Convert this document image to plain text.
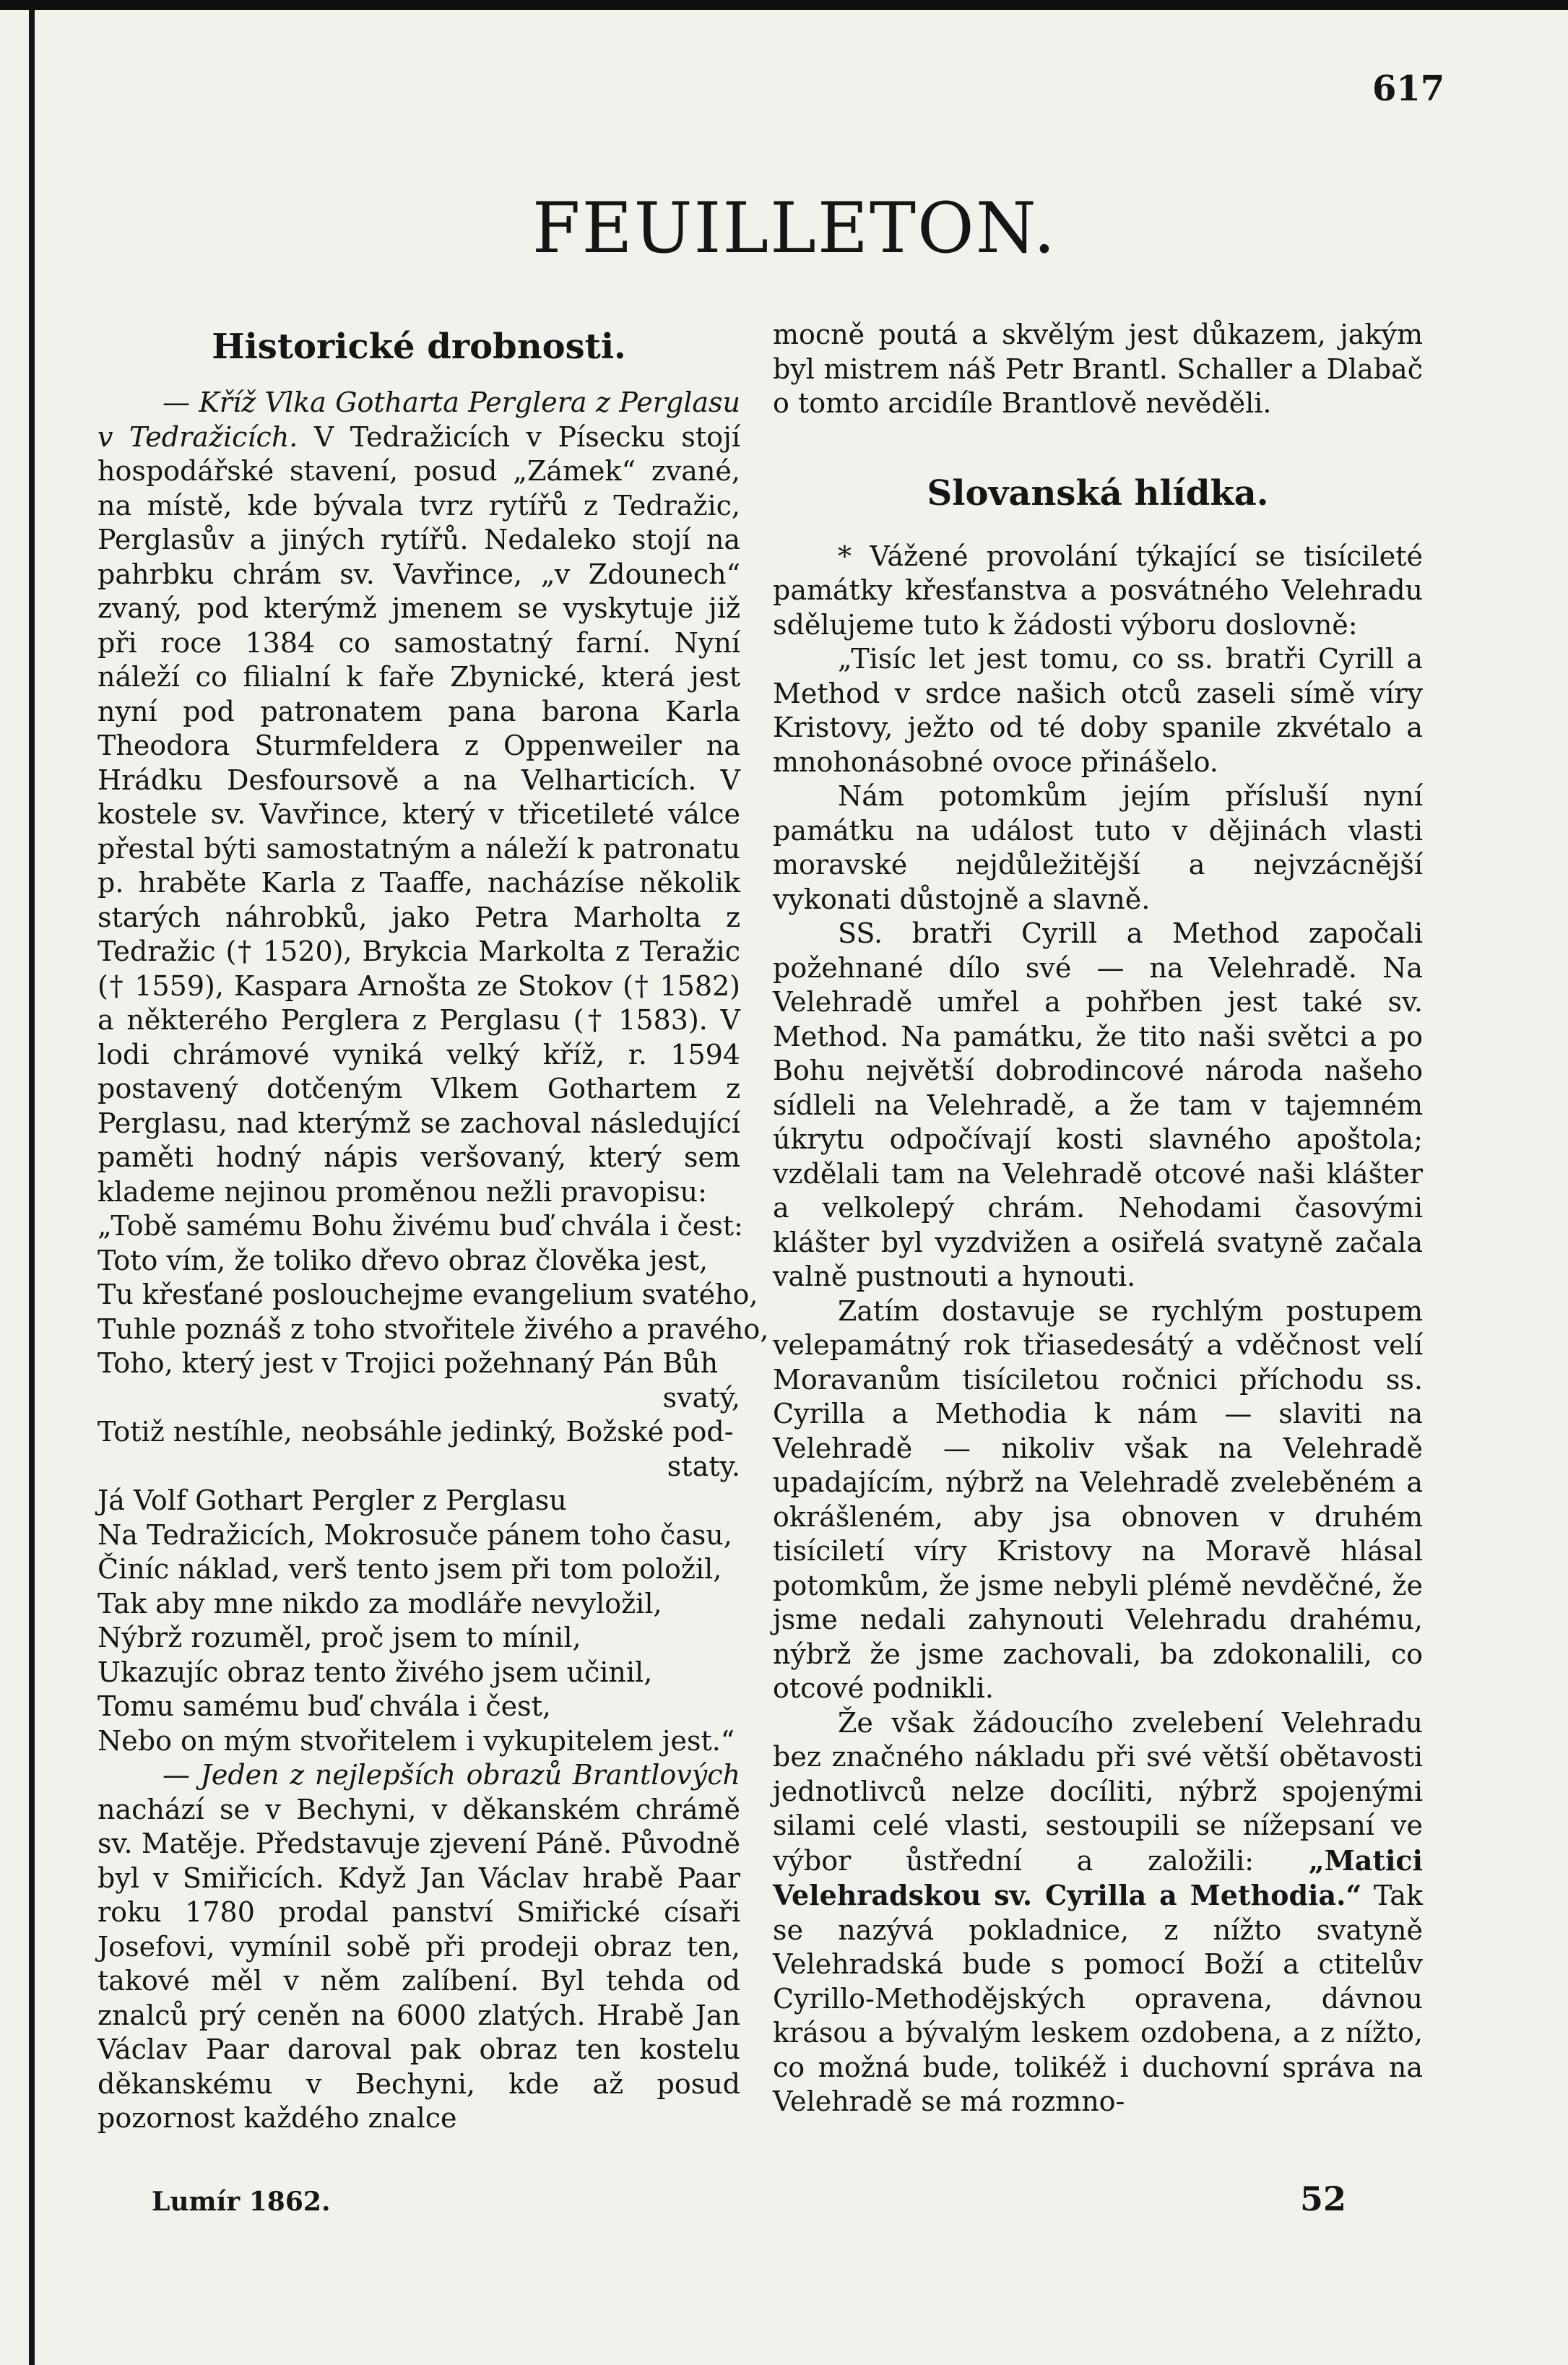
617
FEUILLETON.
Historické drobnosti.

— Kříž Vlka Gotharta Perglera z Perglasu v Tedražicích. V Tedražicích v Písecku stojí hospodářské stavení, posud „Zámek“ zvané, na místě, kde bývala tvrz rytířů z Tedražic, Perglasův a jiných rytířů. Nedaleko stojí na pahrbku chrám sv. Vavřince, „v Zdounech“ zvaný, pod kterýmž jmenem se vyskytuje již při roce 1384 co samostatný farní. Nyní náleží co filialní k faře Zbynické, která jest nyní pod patronatem pana barona Karla Theodora Sturmfeldera z Oppenweiler na Hrádku Desfoursově a na Velharticích. V kostele sv. Vavřince, který v třicetileté válce přestal býti samostatným a náleží k patronatu p. hraběte Karla z Taaffe, nacházíse několik starých náhrobků, jako Petra Marholta z Tedražic († 1520), Brykcia Markolta z Teražic († 1559), Kaspara Arnošta ze Stokov († 1582) a některého Perglera z Perglasu († 1583). V lodi chrámové vyniká velký kříž, r. 1594 postavený dotčeným Vlkem Gothartem z Perglasu, nad kterýmž se zachoval následující paměti hodný nápis veršovaný, který sem klademe nejinou proměnou nežli pravopisu:

„Tobě samému Bohu živému buď chvála i čest:
Toto vím, že toliko dřevo obraz člověka jest,
Tu křesťané poslouchejme evangelium svatého,
Tuhle poznáš z toho stvořitele živého a pravého,
Toho, který jest v Trojici požehnaný Pán Bůh
svatý,
Totiž nestíhle, neobsáhle jedinký, Božské pod-
staty.
Já Volf Gothart Pergler z Perglasu
Na Tedražicích, Mokrosuče pánem toho času,
Činíc náklad, verš tento jsem při tom položil,
Tak aby mne nikdo za modláře nevyložil,
Nýbrž rozuměl, proč jsem to mínil,
Ukazujíc obraz tento živého jsem učinil,
Tomu samému buď chvála i čest,
Nebo on mým stvořitelem i vykupitelem jest.“

— Jeden z nejlepších obrazů Brantlových nachází se v Bechyni, v děkanském chrámě sv. Matěje. Představuje zjevení Páně. Původně byl v Smiřicích. Když Jan Václav hrabě Paar roku 1780 prodal panství Smiřické císaři Josefovi, vymínil sobě při prodeji obraz ten, takové měl v něm zalíbení. Byl tehda od znalců prý ceněn na 6000 zlatých. Hrabě Jan Václav Paar daroval pak obraz ten kostelu děkanskému v Bechyni, kde až posud pozornost každého znalce

mocně poutá a skvělým jest důkazem, jakým byl mistrem náš Petr Brantl. Schaller a Dlabač o tomto arcidíle Brantlově nevěděli.

Slovanská hlídka.

* Vážené provolání týkající se tisícileté památky křesťanstva a posvátného Velehradu sdělujeme tuto k žádosti výboru doslovně:

„Tisíc let jest tomu, co ss. bratři Cyrill a Method v srdce našich otců zaseli símě víry Kristovy, ježto od té doby spanile zkvétalo a mnohonásobné ovoce přinášelo.

Nám potomkům jejím přísluší nyní památku na událost tuto v dějinách vlasti moravské nejdůležitější a nejvzácnější vykonati důstojně a slavně.

SS. bratři Cyrill a Method započali požehnané dílo své — na Velehradě. Na Velehradě umřel a pohřben jest také sv. Method. Na památku, že tito naši světci a po Bohu největší dobrodincové národa našeho sídleli na Velehradě, a že tam v tajemném úkrytu odpočívají kosti slavného apoštola; vzdělali tam na Velehradě otcové naši klášter a velkolepý chrám. Nehodami časovými klášter byl vyzdvižen a osiřelá svatyně začala valně pustnouti a hynouti.

Zatím dostavuje se rychlým postupem velepamátný rok třiasedesátý a vděčnost velí Moravanům tisíciletou ročnici příchodu ss. Cyrilla a Methodia k nám — slaviti na Velehradě — nikoliv však na Velehradě upadajícím, nýbrž na Velehradě zveleběném a okrášleném, aby jsa obnoven v druhém tisíciletí víry Kristovy na Moravě hlásal potomkům, že jsme nebyli plémě nevděčné, že jsme nedali zahynouti Velehradu drahému, nýbrž že jsme zachovali, ba zdokonalili, co otcové podnikli.

Že však žádoucího zvelebení Velehradu bez značného nákladu při své větší obětavosti jednotlivců nelze docíliti, nýbrž spojenými silami celé vlasti, sestoupili se nížepsaní ve výbor ůstřední a založili: „Matici Velehradskou sv. Cyrilla a Methodia.“ Tak se nazývá pokladnice, z nížto svatyně Velehradská bude s pomocí Boží a ctitelův Cyrillo-Methodějských opravena, dávnou krásou a bývalým leskem ozdobena, a z nížto, co možná bude, tolikéž i duchovní správa na Velehradě se má rozmno-

Lumír 1862.	52
